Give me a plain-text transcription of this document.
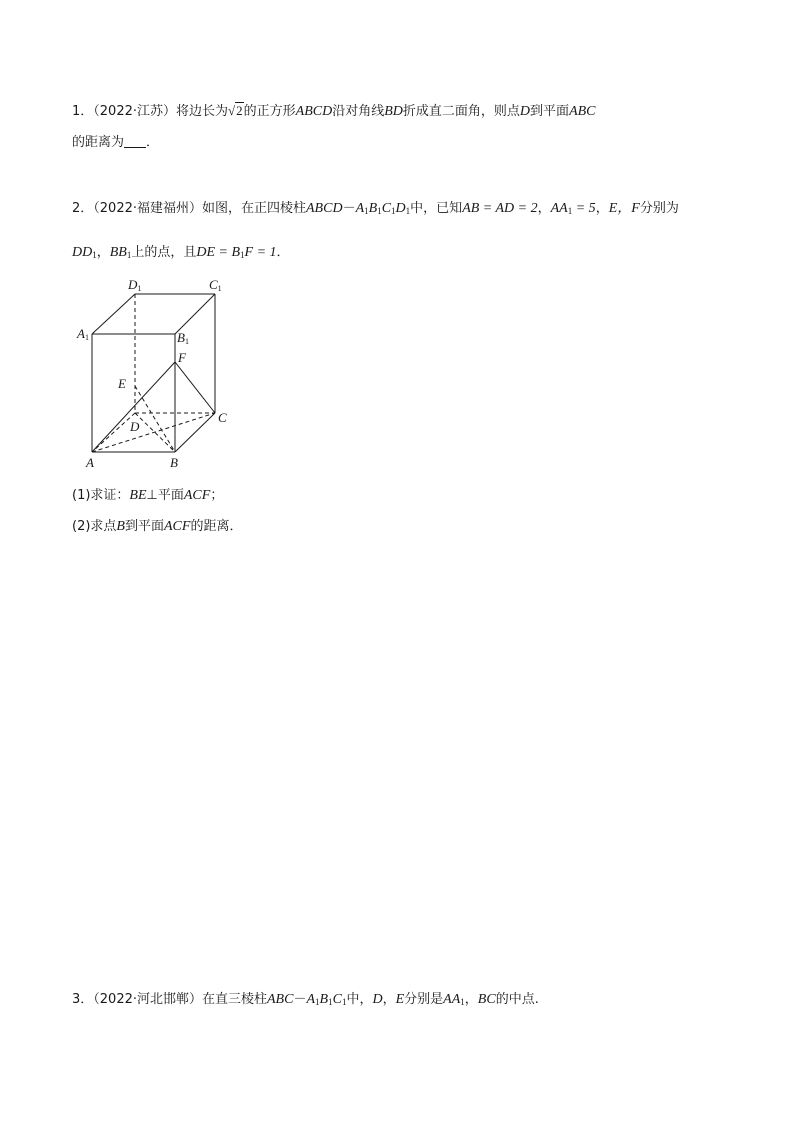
1．（2022·江苏）将边长为√2的正方形ABCD沿对角线BD折成直二面角，则点D到平面ABC
的距离为 ．
2．（2022·福建福州）如图，在正四棱柱$ABCD-A_1B_1C_1D_1$中，已知AB = AD = 2，$AA_1 = 5$，E，F分别为
$DD_1$，$BB_1$上的点，且DE = $B_1F = 1$．
D1	C1
A1	B1
F
E
C
D
A	B
(1)求证：BE⊥平面ACF；
(2)求点B到平面ACF的距离．
3．（2022·河北邯郸）在直三棱柱$ABC-A_1B_1C_1$中，D，E分别是$AA_1$，BC的中点.
